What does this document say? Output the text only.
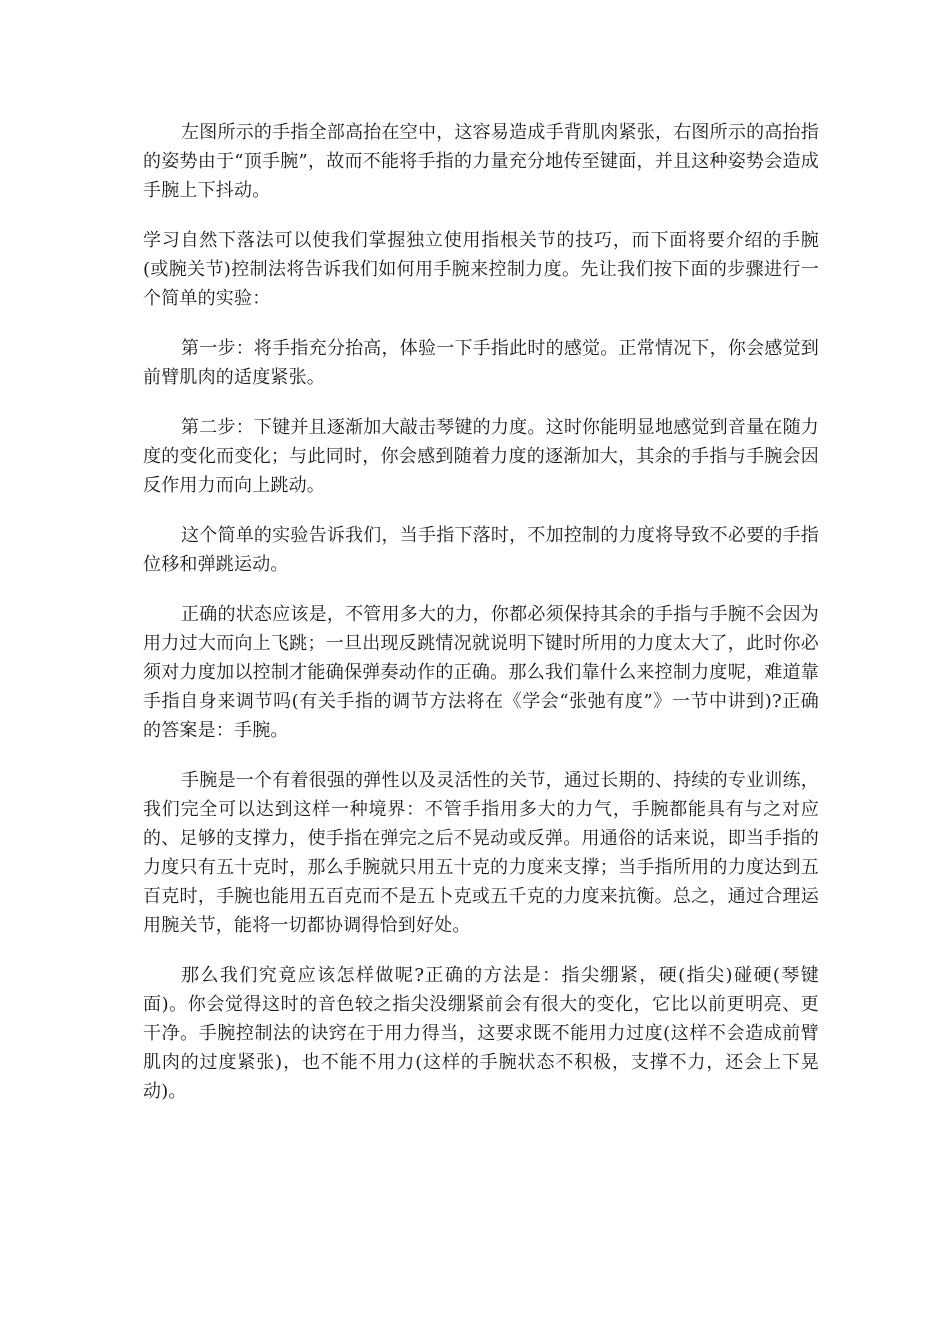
左图所示的手指全部高抬在空中，这容易造成手背肌肉紧张，右图所示的高抬指的姿势由于“顶手腕”，故而不能将手指的力量充分地传至键面，并且这种姿势会造成手腕上下抖动。

学习自然下落法可以使我们掌握独立使用指根关节的技巧，而下面将要介绍的手腕(或腕关节)控制法将告诉我们如何用手腕来控制力度。先让我们按下面的步骤进行一个简单的实验：

第一步：将手指充分抬高，体验一下手指此时的感觉。正常情况下，你会感觉到前臂肌肉的适度紧张。

第二步：下键并且逐渐加大敲击琴键的力度。这时你能明显地感觉到音量在随力度的变化而变化；与此同时，你会感到随着力度的逐渐加大，其余的手指与手腕会因反作用力而向上跳动。

这个简单的实验告诉我们，当手指下落时，不加控制的力度将导致不必要的手指位移和弹跳运动。

正确的状态应该是，不管用多大的力，你都必须保持其余的手指与手腕不会因为用力过大而向上飞跳；一旦出现反跳情况就说明下键时所用的力度太大了，此时你必须对力度加以控制才能确保弹奏动作的正确。那么我们靠什么来控制力度呢，难道靠手指自身来调节吗(有关手指的调节方法将在《学会“张弛有度”》一节中讲到)?正确的答案是：手腕。

手腕是一个有着很强的弹性以及灵活性的关节，通过长期的、持续的专业训练，我们完全可以达到这样一种境界：不管手指用多大的力气，手腕都能具有与之对应的、足够的支撑力，使手指在弹完之后不晃动或反弹。用通俗的话来说，即当手指的力度只有五十克时，那么手腕就只用五十克的力度来支撑；当手指所用的力度达到五百克时，手腕也能用五百克而不是五卜克或五千克的力度来抗衡。总之，通过合理运用腕关节，能将一切都协调得恰到好处。

那么我们究竟应该怎样做呢?正确的方法是：指尖绷紧，硬(指尖)碰硬(琴键面)。你会觉得这时的音色较之指尖没绷紧前会有很大的变化，它比以前更明亮、更干净。手腕控制法的诀窍在于用力得当，这要求既不能用力过度(这样不会造成前臂肌肉的过度紧张)，也不能不用力(这样的手腕状态不积极，支撑不力，还会上下晃动)。
